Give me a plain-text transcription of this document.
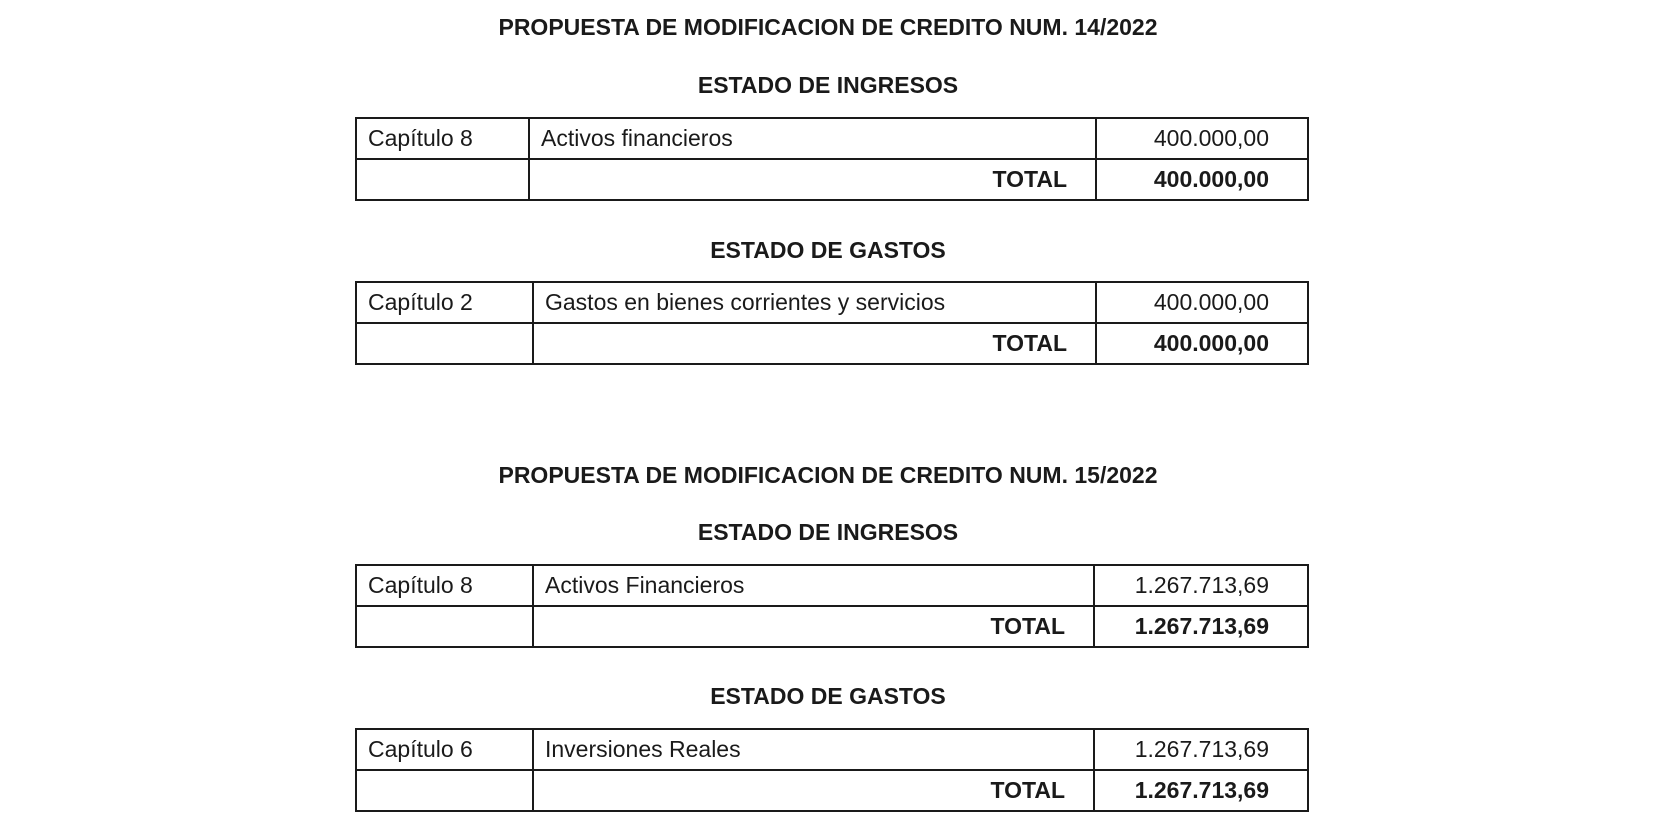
PROPUESTA DE MODIFICACION DE CREDITO NUM. 14/2022
ESTADO DE INGRESOS
Capítulo 8	Activos financieros	400.000,00
	TOTAL	400.000,00
ESTADO DE GASTOS
Capítulo 2	Gastos en bienes corrientes y servicios	400.000,00
	TOTAL	400.000,00
PROPUESTA DE MODIFICACION DE CREDITO NUM. 15/2022
ESTADO DE INGRESOS
Capítulo 8	Activos Financieros	1.267.713,69
	TOTAL	1.267.713,69
ESTADO DE GASTOS
Capítulo 6	Inversiones Reales	1.267.713,69
	TOTAL	1.267.713,69
